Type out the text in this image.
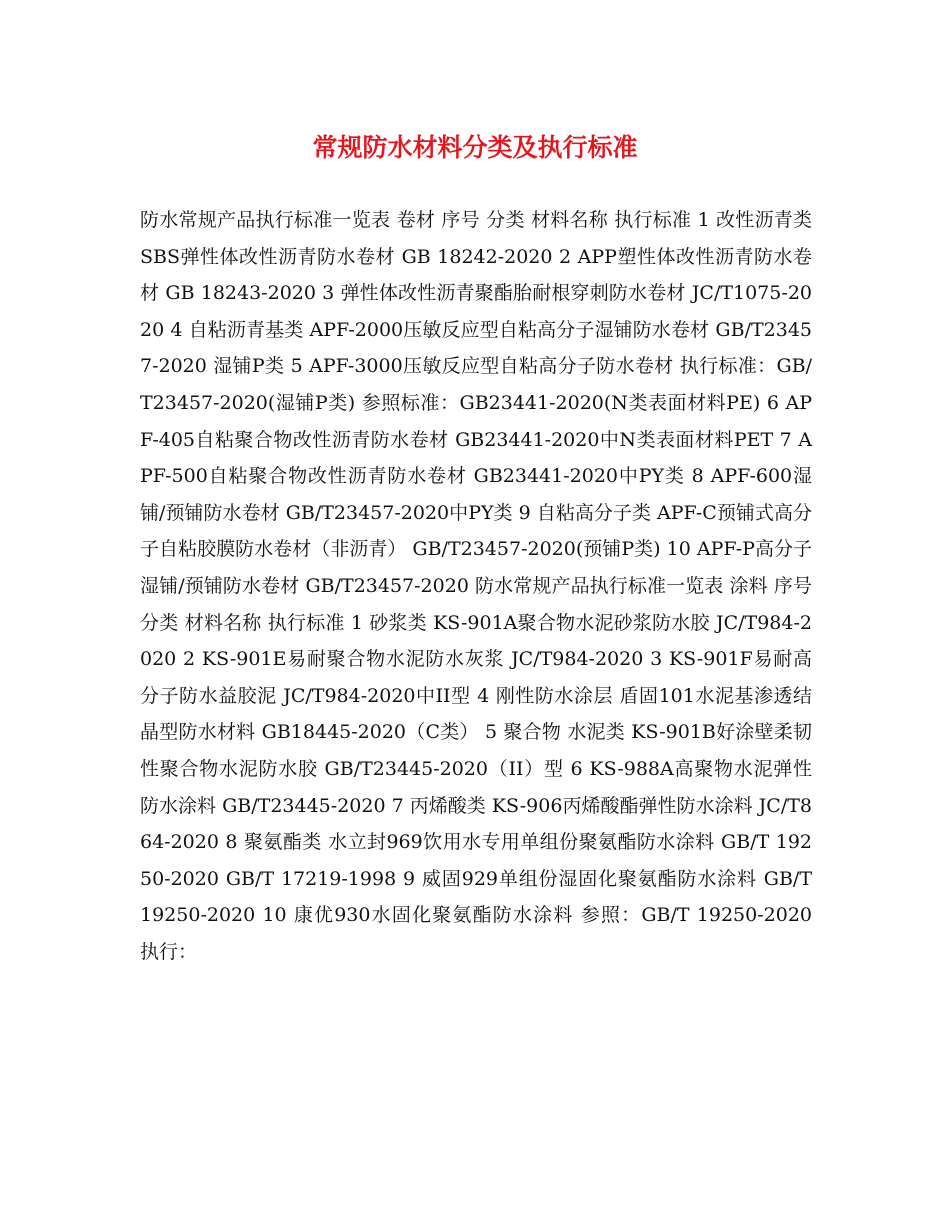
常规防水材料分类及执行标准

防水常规产品执行标准一览表 卷材 序号 分类 材料名称 执行标准 1 改性沥青类 SBS弹性体改性沥青防水卷材 GB 18242-2020 2 APP塑性体改性沥青防水卷材 GB 18243-2020 3 弹性体改性沥青聚酯胎耐根穿刺防水卷材 JC/T1075-2020 4 自粘沥青基类 APF-2000压敏反应型自粘高分子湿铺防水卷材 GB/T23457-2020 湿铺P类 5 APF-3000压敏反应型自粘高分子防水卷材 执行标准：GB/T23457-2020(湿铺P类) 参照标准：GB23441-2020(N类表面材料PE) 6 APF-405自粘聚合物改性沥青防水卷材 GB23441-2020中N类表面材料PET 7 APF-500自粘聚合物改性沥青防水卷材 GB23441-2020中PY类 8 APF-600湿铺/预铺防水卷材 GB/T23457-2020中PY类 9 自粘高分子类 APF-C预铺式高分子自粘胶膜防水卷材（非沥青） GB/T23457-2020(预铺P类) 10 APF-P高分子湿铺/预铺防水卷材 GB/T23457-2020 防水常规产品执行标准一览表 涂料 序号 分类 材料名称 执行标准 1 砂浆类 KS-901A聚合物水泥砂浆防水胶 JC/T984-2020 2 KS-901E易耐聚合物水泥防水灰浆 JC/T984-2020 3 KS-901F易耐高分子防水益胶泥 JC/T984-2020中II型 4 刚性防水涂层 盾固101水泥基渗透结晶型防水材料 GB18445-2020（C类） 5 聚合物 水泥类 KS-901B好涂壁柔韧性聚合物水泥防水胶 GB/T23445-2020（II）型 6 KS-988A高聚物水泥弹性防水涂料 GB/T23445-2020 7 丙烯酸类 KS-906丙烯酸酯弹性防水涂料 JC/T864-2020 8 聚氨酯类 水立封969饮用水专用单组份聚氨酯防水涂料 GB/T 19250-2020 GB/T 17219-1998 9 威固929单组份湿固化聚氨酯防水涂料 GB/T 19250-2020 10 康优930水固化聚氨酯防水涂料 参照：GB/T 19250-2020 执行：
